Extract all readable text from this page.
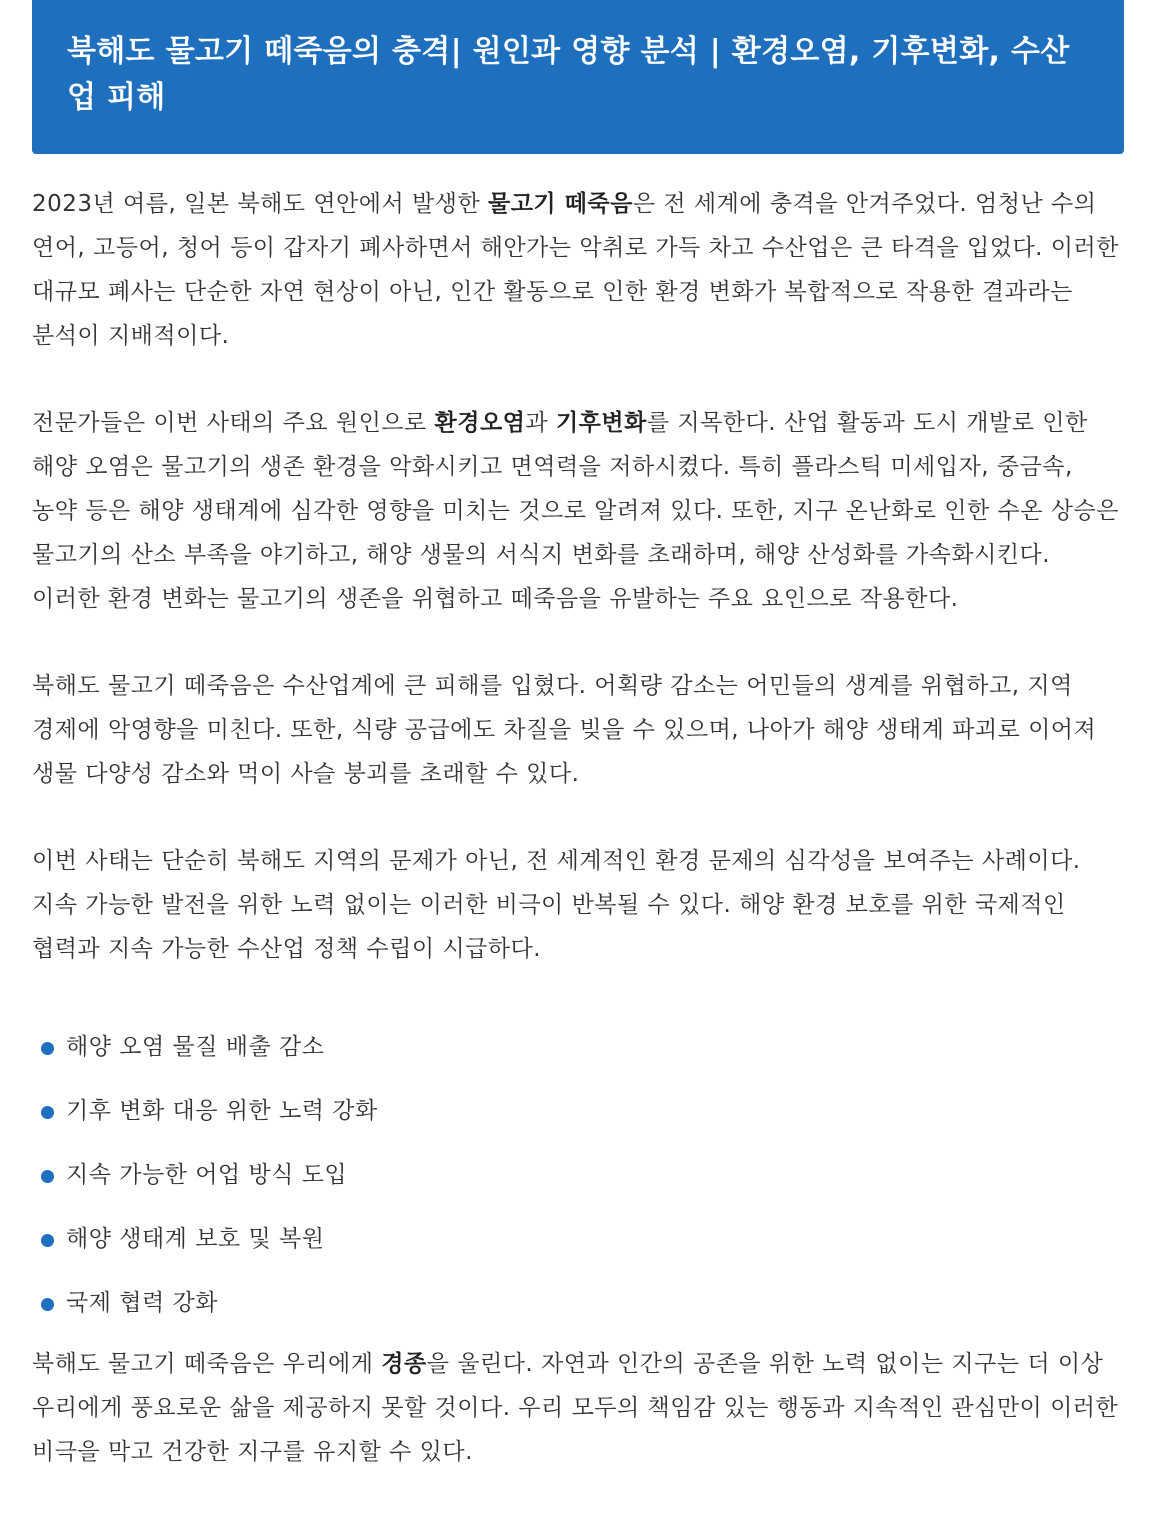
북해도 물고기 떼죽음의 충격| 원인과 영향 분석 | 환경오염, 기후변화, 수산업 피해

2023년 여름, 일본 북해도 연안에서 발생한 물고기 떼죽음은 전 세계에 충격을 안겨주었다. 엄청난 수의 연어, 고등어, 청어 등이 갑자기 폐사하면서 해안가는 악취로 가득 차고 수산업은 큰 타격을 입었다. 이러한 대규모 폐사는 단순한 자연 현상이 아닌, 인간 활동으로 인한 환경 변화가 복합적으로 작용한 결과라는 분석이 지배적이다.

전문가들은 이번 사태의 주요 원인으로 환경오염과 기후변화를 지목한다. 산업 활동과 도시 개발로 인한 해양 오염은 물고기의 생존 환경을 악화시키고 면역력을 저하시켰다. 특히 플라스틱 미세입자, 중금속, 농약 등은 해양 생태계에 심각한 영향을 미치는 것으로 알려져 있다. 또한, 지구 온난화로 인한 수온 상승은 물고기의 산소 부족을 야기하고, 해양 생물의 서식지 변화를 초래하며, 해양 산성화를 가속화시킨다. 이러한 환경 변화는 물고기의 생존을 위협하고 떼죽음을 유발하는 주요 요인으로 작용한다.

북해도 물고기 떼죽음은 수산업계에 큰 피해를 입혔다. 어획량 감소는 어민들의 생계를 위협하고, 지역 경제에 악영향을 미친다. 또한, 식량 공급에도 차질을 빚을 수 있으며, 나아가 해양 생태계 파괴로 이어져 생물 다양성 감소와 먹이 사슬 붕괴를 초래할 수 있다.

이번 사태는 단순히 북해도 지역의 문제가 아닌, 전 세계적인 환경 문제의 심각성을 보여주는 사례이다. 지속 가능한 발전을 위한 노력 없이는 이러한 비극이 반복될 수 있다. 해양 환경 보호를 위한 국제적인 협력과 지속 가능한 수산업 정책 수립이 시급하다.

해양 오염 물질 배출 감소
기후 변화 대응 위한 노력 강화
지속 가능한 어업 방식 도입
해양 생태계 보호 및 복원
국제 협력 강화

북해도 물고기 떼죽음은 우리에게 경종을 울린다. 자연과 인간의 공존을 위한 노력 없이는 지구는 더 이상 우리에게 풍요로운 삶을 제공하지 못할 것이다. 우리 모두의 책임감 있는 행동과 지속적인 관심만이 이러한 비극을 막고 건강한 지구를 유지할 수 있다.
